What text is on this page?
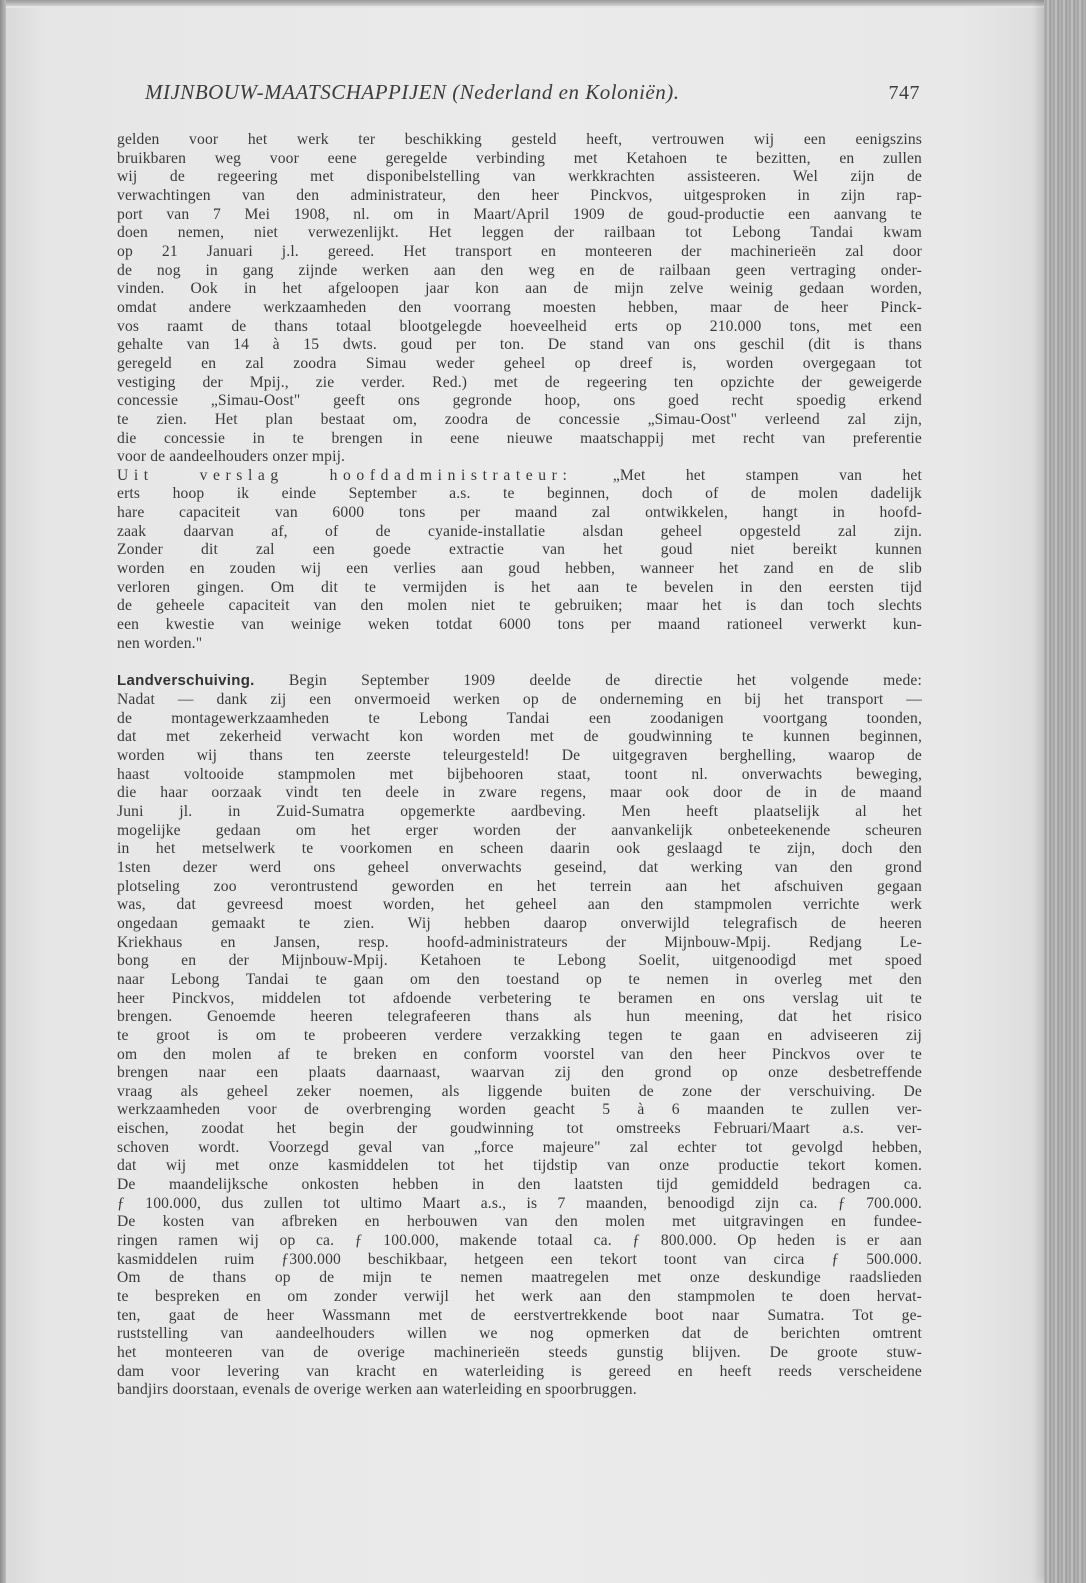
MIJNBOUW-MAATSCHAPPIJEN (Nederland en Koloniën).	747
gelden voor het werk ter beschikking gesteld heeft, vertrouwen wij een eenigszins
bruikbaren weg voor eene geregelde verbinding met Ketahoen te bezitten, en zullen
wij de regeering met disponibelstelling van werkkrachten assisteeren. Wel zijn de
verwachtingen van den administrateur, den heer Pinckvos, uitgesproken in zijn rap-
port van 7 Mei 1908, nl. om in Maart/April 1909 de goud-productie een aanvang te
doen nemen, niet verwezenlijkt. Het leggen der railbaan tot Lebong Tandai kwam
op 21 Januari j.l. gereed. Het transport en monteeren der machinerieën zal door
de nog in gang zijnde werken aan den weg en de railbaan geen vertraging onder-
vinden. Ook in het afgeloopen jaar kon aan de mijn zelve weinig gedaan worden,
omdat andere werkzaamheden den voorrang moesten hebben, maar de heer Pinck-
vos raamt de thans totaal blootgelegde hoeveelheid erts op 210.000 tons, met een
gehalte van 14 à 15 dwts. goud per ton. De stand van ons geschil (dit is thans
geregeld en zal zoodra Simau weder geheel op dreef is, worden overgegaan tot
vestiging der Mpij., zie verder. Red.) met de regeering ten opzichte der geweigerde
concessie „Simau-Oost" geeft ons gegronde hoop, ons goed recht spoedig erkend
te zien. Het plan bestaat om, zoodra de concessie „Simau-Oost" verleend zal zijn,
die concessie in te brengen in eene nieuwe maatschappij met recht van preferentie
voor de aandeelhouders onzer mpij.
Uit verslag hoofdadministrateur:	„Met het stampen van het
erts hoop ik einde September a.s. te beginnen, doch of de molen dadelijk
hare capaciteit van 6000 tons per maand zal ontwikkelen, hangt in hoofd-
zaak daarvan af, of de cyanide-installatie alsdan geheel opgesteld zal zijn.
Zonder dit zal een goede extractie van het goud niet bereikt kunnen
worden en zouden wij een verlies aan goud hebben, wanneer het zand en de slib
verloren gingen. Om dit te vermijden is het aan te bevelen in den eersten tijd
de geheele capaciteit van den molen niet te gebruiken; maar het is dan toch slechts
een kwestie van weinige weken totdat 6000 tons per maand rationeel verwerkt kun-
nen worden."
Landverschuiving. Begin September 1909 deelde de directie het volgende mede:
Nadat — dank zij een onvermoeid werken op de onderneming en bij het transport —
de montagewerkzaamheden te Lebong Tandai een zoodanigen voortgang toonden,
dat met zekerheid verwacht kon worden met de goudwinning te kunnen beginnen,
worden wij thans ten zeerste teleurgesteld! De uitgegraven berghelling, waarop de
haast voltooide stampmolen met bijbehooren staat, toont nl. onverwachts beweging,
die haar oorzaak vindt ten deele in zware regens, maar ook door de in de maand
Juni jl. in Zuid-Sumatra opgemerkte aardbeving. Men heeft plaatselijk al het
mogelijke gedaan om het erger worden der aanvankelijk onbeteekenende scheuren
in het metselwerk te voorkomen en scheen daarin ook geslaagd te zijn, doch den
1sten dezer werd ons geheel onverwachts geseind, dat werking van den grond
plotseling zoo verontrustend geworden en het terrein aan het afschuiven gegaan
was, dat gevreesd moest worden, het geheel aan den stampmolen verrichte werk
ongedaan gemaakt te zien. Wij hebben daarop onverwijld telegrafisch de heeren
Kriekhaus en Jansen, resp. hoofd-administrateurs der Mijnbouw-Mpij. Redjang Le-
bong en der Mijnbouw-Mpij. Ketahoen te Lebong Soelit, uitgenoodigd met spoed
naar Lebong Tandai te gaan om den toestand op te nemen in overleg met den
heer Pinckvos, middelen tot afdoende verbetering te beramen en ons verslag uit te
brengen. Genoemde heeren telegrafeeren thans als hun meening, dat het risico
te groot is om te probeeren verdere verzakking tegen te gaan en adviseeren zij
om den molen af te breken en conform voorstel van den heer Pinckvos over te
brengen naar een plaats daarnaast, waarvan zij den grond op onze desbetreffende
vraag als geheel zeker noemen, als liggende buiten de zone der verschuiving. De
werkzaamheden voor de overbrenging worden geacht 5 à 6 maanden te zullen ver-
eischen, zoodat het begin der goudwinning tot omstreeks Februari/Maart a.s. ver-
schoven wordt. Voorzegd geval van „force majeure" zal echter tot gevolgd hebben,
dat wij met onze kasmiddelen tot het tijdstip van onze productie tekort komen.
De maandelijksche onkosten hebben in den laatsten tijd gemiddeld bedragen ca.
ƒ 100.000, dus zullen tot ultimo Maart a.s., is 7 maanden, benoodigd zijn ca. ƒ 700.000.
De kosten van afbreken en herbouwen van den molen met uitgravingen en fundee-
ringen ramen wij op ca. ƒ 100.000, makende totaal ca. ƒ 800.000. Op heden is er aan
kasmiddelen ruim ƒ300.000 beschikbaar, hetgeen een tekort toont van circa ƒ 500.000.
Om de thans op de mijn te nemen maatregelen met onze deskundige raadslieden
te bespreken en om zonder verwijl het werk aan den stampmolen te doen hervat-
ten, gaat de heer Wassmann met de eerstvertrekkende boot naar Sumatra. Tot ge-
ruststelling van aandeelhouders willen we nog opmerken dat de berichten omtrent
het monteeren van de overige machinerieën steeds gunstig blijven. De groote stuw-
dam voor levering van kracht en waterleiding is gereed en heeft reeds verscheidene
bandjirs doorstaan, evenals de overige werken aan waterleiding en spoorbruggen.
